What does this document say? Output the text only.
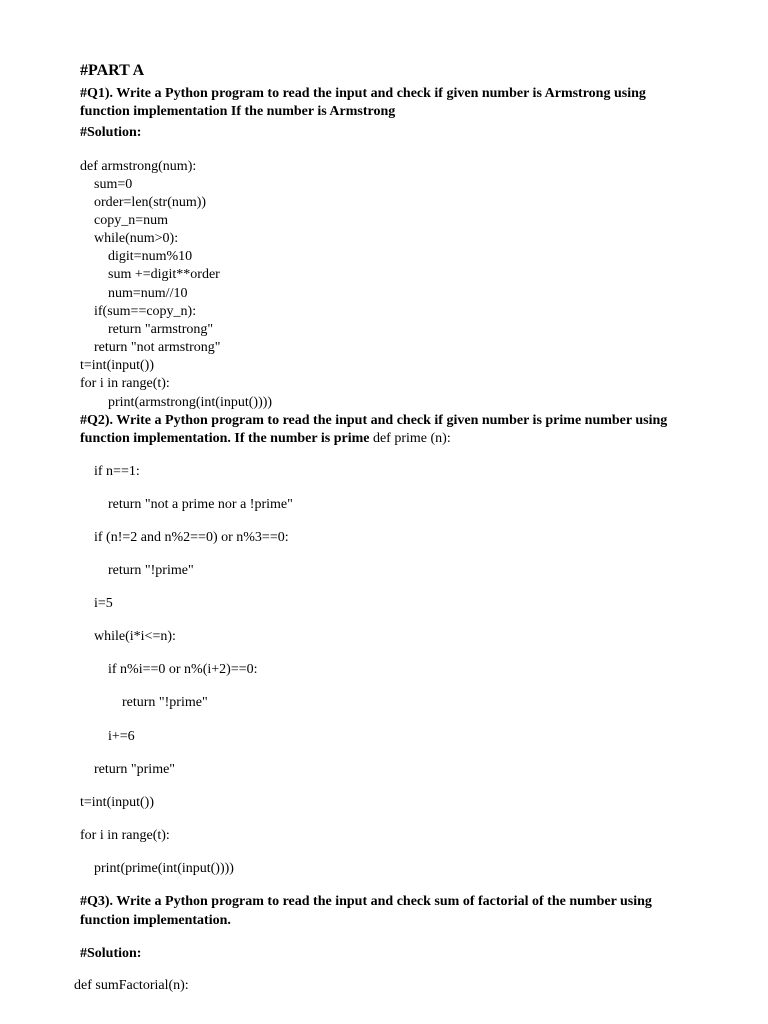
#PART A
#Q1). Write a Python program to read the input and check if given number is Armstrong using
function implementation If the number is Armstrong
#Solution:
def armstrong(num):
sum=0
order=len(str(num))
copy_n=num
while(num>0):
digit=num%10
sum +=digit**order
num=num//10
if(sum==copy_n):
return "armstrong"
return "not armstrong"
t=int(input())
for i in range(t):
print(armstrong(int(input())))
#Q2). Write a Python program to read the input and check if given number is prime number using
function implementation. If the number is prime def prime (n):
if n==1:
return "not a prime nor a !prime"
if (n!=2 and n%2==0) or n%3==0:
return "!prime"
i=5
while(i*i<=n):
if n%i==0 or n%(i+2)==0:
return "!prime"
i+=6
return "prime"
t=int(input())
for i in range(t):
print(prime(int(input())))
#Q3). Write a Python program to read the input and check sum of factorial of the number using
function implementation.
#Solution:
def sumFactorial(n):
